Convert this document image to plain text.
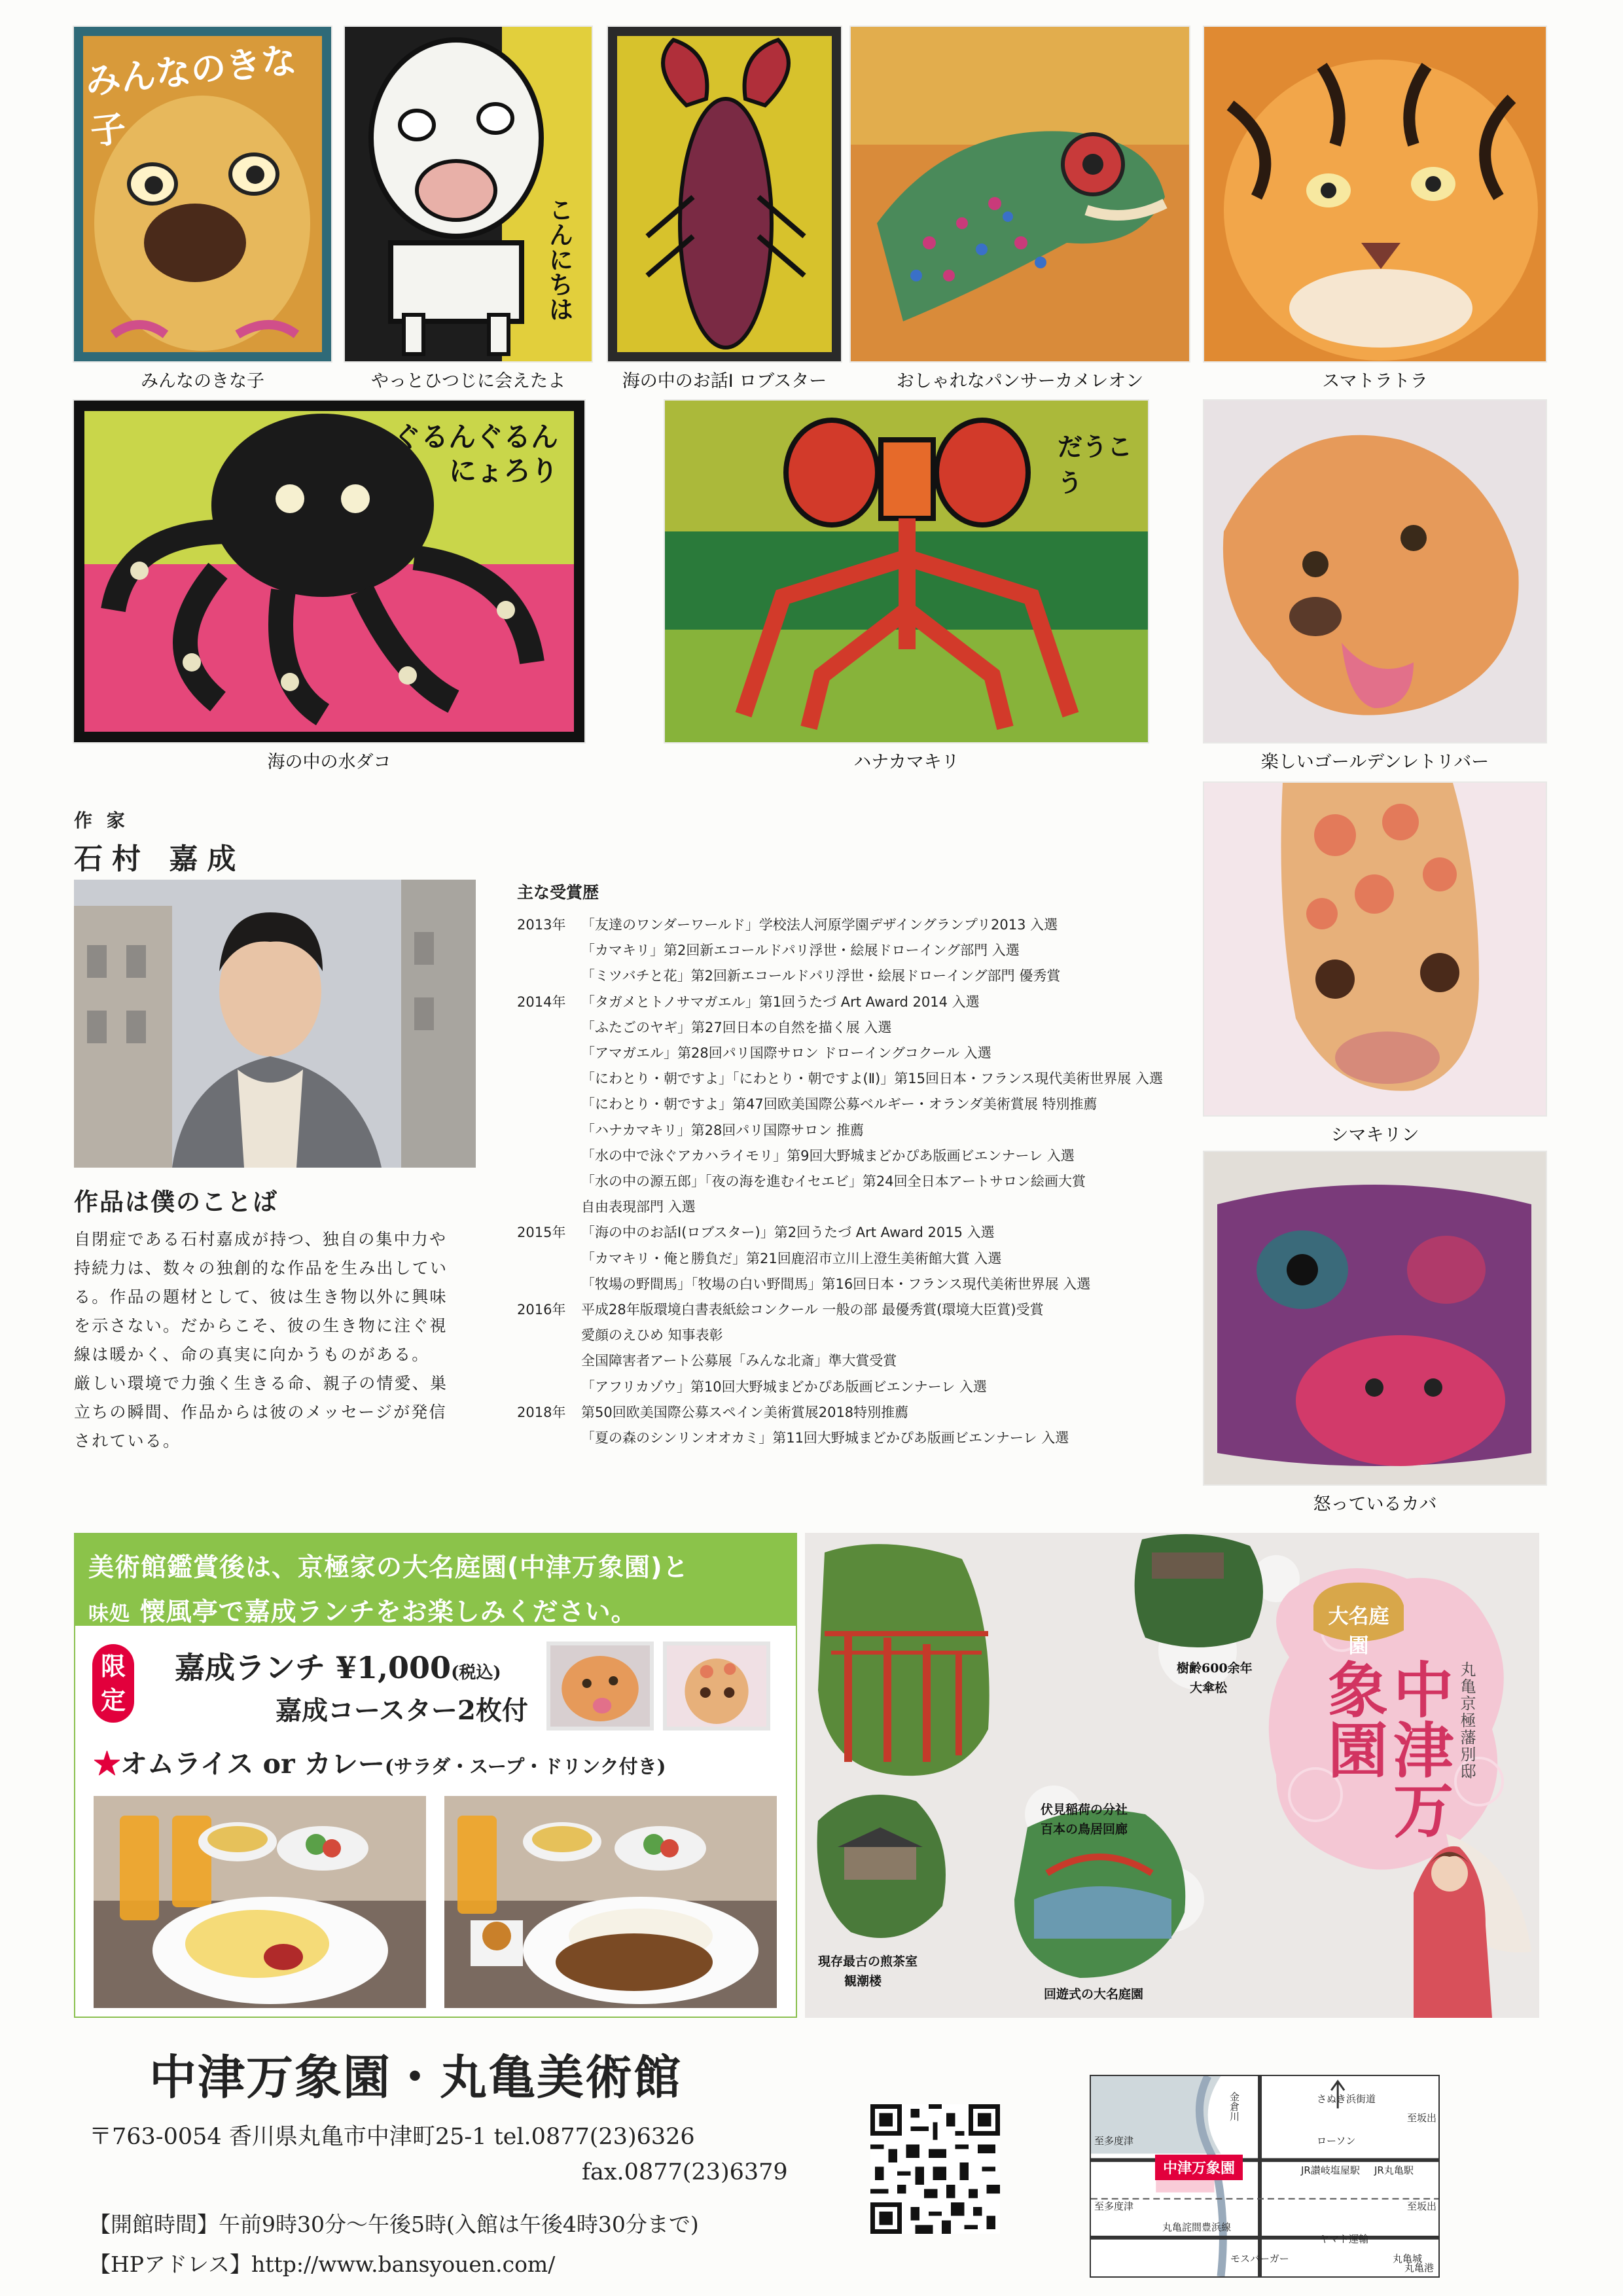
みんなのきな子
みんなのきな子
こんにちは
やっとひつじに会えたよ	海の中のお話Ⅰ ロブスター	おしゃれなパンサーカメレオン	スマトラトラ
ぐるんぐるん にょろり
海の中の水ダコ
だうこう
ハナカマキリ	楽しいゴールデンレトリバー
シマキリン
怒っているカバ
作 家
石村 嘉成
作品は僕のことば

自閉症である石村嘉成が持つ、独自の集中力や

持続力は、数々の独創的な作品を生み出してい

る。作品の題材として、彼は生き物以外に興味

を示さない。だからこそ、彼の生き物に注ぐ視

線は暖かく、命の真実に向かうものがある。

厳しい環境で力強く生きる命、親子の情愛、巣

立ちの瞬間、作品からは彼のメッセージが発信

されている。

主な受賞歴
2013年	「友達のワンダーワールド」学校法人河原学園デザイングランプリ2013 入選
「カマキリ」第2回新エコールドパリ浮世・絵展ドローイング部門 入選
「ミツバチと花」第2回新エコールドパリ浮世・絵展ドローイング部門 優秀賞
2014年	「タガメとトノサマガエル」第1回うたづ Art Award 2014 入選
「ふたごのヤギ」第27回日本の自然を描く展 入選
「アマガエル」第28回パリ国際サロン ドローイングコクール 入選
「にわとり・朝ですよ」「にわとり・朝ですよ(Ⅱ)」第15回日本・フランス現代美術世界展 入選
「にわとり・朝ですよ」第47回欧美国際公募ベルギー・オランダ美術賞展 特別推薦
「ハナカマキリ」第28回パリ国際サロン 推薦
「水の中で泳ぐアカハライモリ」第9回大野城まどかぴあ版画ビエンナーレ 入選
「水の中の源五郎」「夜の海を進むイセエビ」第24回全日本アートサロン絵画大賞
自由表現部門 入選
2015年	「海の中のお話Ⅰ(ロブスター)」第2回うたづ Art Award 2015 入選
「カマキリ・俺と勝負だ」第21回鹿沼市立川上澄生美術館大賞 入選
「牧場の野間馬」「牧場の白い野間馬」第16回日本・フランス現代美術世界展 入選
2016年	平成28年版環境白書表紙絵コンクール 一般の部 最優秀賞(環境大臣賞)受賞
愛顔のえひめ 知事表彰
全国障害者アート公募展「みんな北斎」準大賞受賞
「アフリカゾウ」第10回大野城まどかぴあ版画ビエンナーレ 入選
2018年	第50回欧美国際公募スペイン美術賞展2018特別推薦
「夏の森のシンリンオオカミ」第11回大野城まどかぴあ版画ビエンナーレ 入選
美術館鑑賞後は、京極家の大名庭園(中津万象園)と
味処 懐風亭で嘉成ランチをお楽しみください。
限定
嘉成ランチ ¥1,000(税込)
嘉成コースター2枚付
★オムライス or カレー(サラダ・スープ・ドリンク付き)
樹齢600余年
大傘松
伏見稲荷の分社
百本の鳥居回廊
現存最古の煎茶室
観潮楼
回遊式の大名庭園
大名庭園
中津万象園	丸亀京極藩別邸
中津万象園・丸亀美術館
〒763-0054 香川県丸亀市中津町25-1 tel.0877(23)6326
fax.0877(23)6379
【開館時間】午前9時30分～午後5時(入館は午後4時30分まで)
【HPアドレス】http://www.bansyouen.com/
至多度津
金倉川	さぬき浜街道
至坂出
ローソン
JR讃岐塩屋駅 JR丸亀駅
至多度津
丸亀港
丸亀詫間豊浜線
モスバーガー
ヤマト運輸
丸亀城
至坂出
中津万象園
